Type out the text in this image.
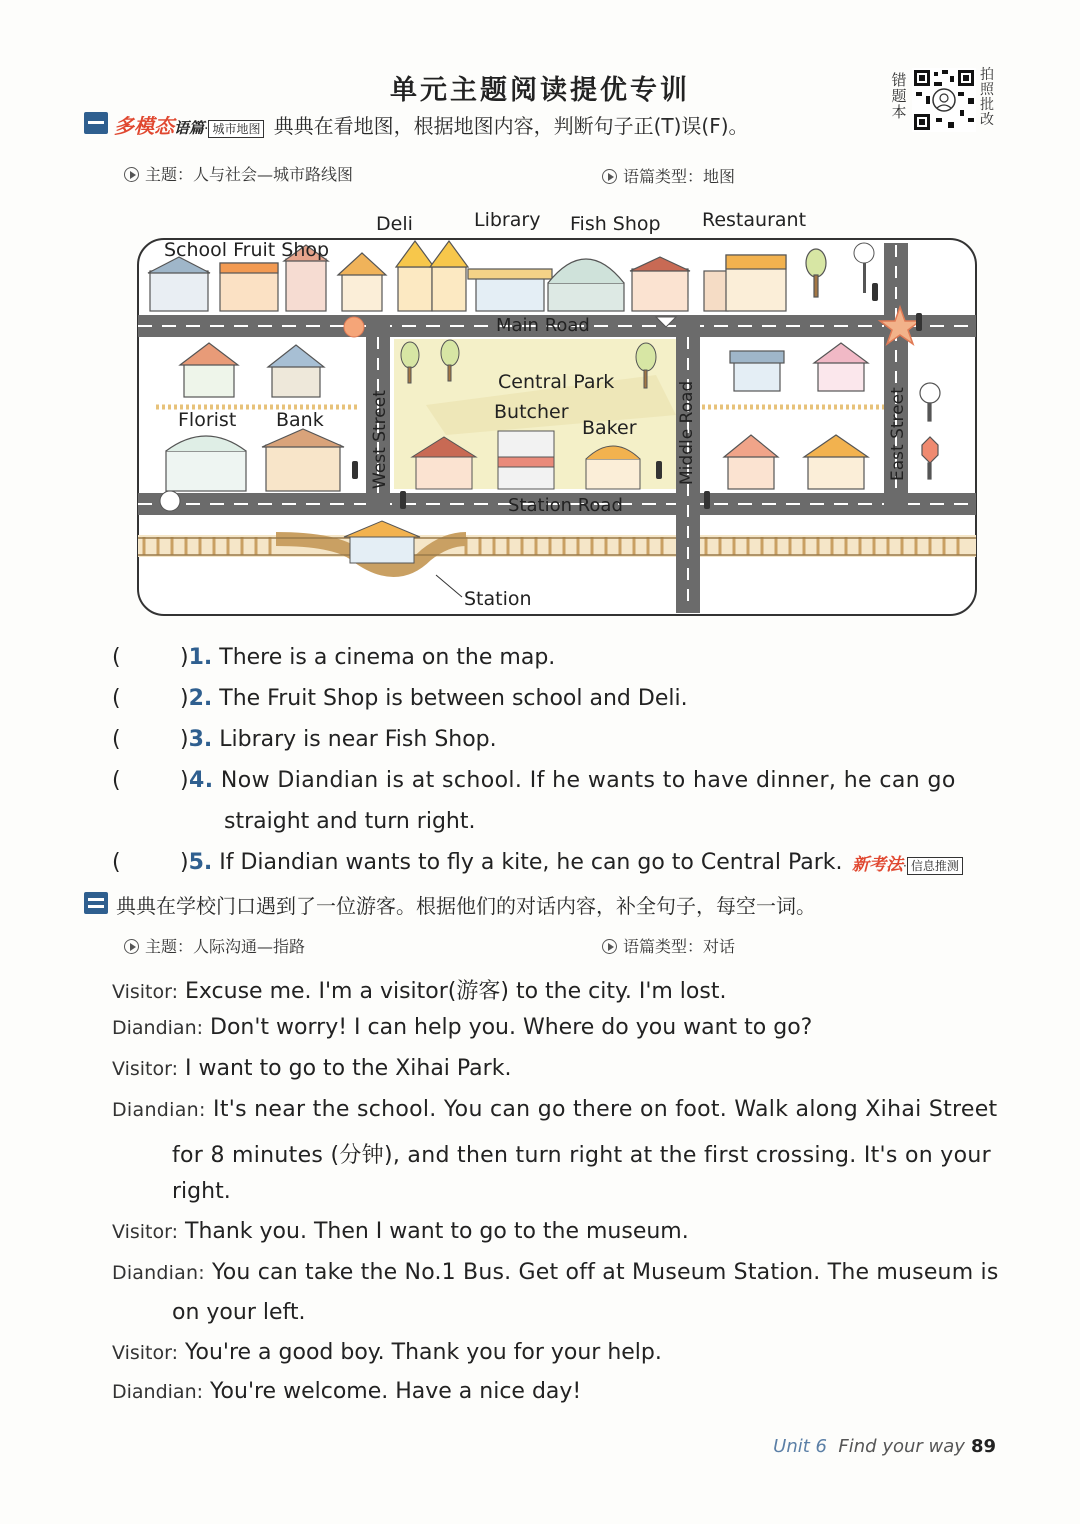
单元主题阅读提优专训	错题本
拍照批改
多模态语篇· 城市地图 典典在看地图，根据地图内容，判断句子正(T)误(F)。
主题：人与社会—城市路线图	语篇类型：地图
School Fruit Shop
Deli	Library Fish Shop Restaurant
Main Road
Central Park
Butcher
Baker
Florist Bank	West Street	Middle Road	East Street
Station Road
Station
(	)1. There is a cinema on the map.
(	)2. The Fruit Shop is between school and Deli.
(	)3. Library is near Fish Shop.
(	)4. Now Diandian is at school. If he wants to have dinner, he can go
straight and turn right.
(	)5. If Diandian wants to fly a kite, he can go to Central Park. 新考法· 信息推测
典典在学校门口遇到了一位游客。根据他们的对话内容，补全句子，每空一词。
主题：人际沟通—指路	语篇类型：对话
Visitor: Excuse me. I'm a visitor(游客) to the city. I'm lost.
Diandian: Don't worry! I can help you. Where do you want to go?
Visitor: I want to go to the Xihai Park.
Diandian: It's near the school. You can go there on foot. Walk along Xihai Street
for 8 minutes (分钟), and then turn right at the first crossing. It's on your
right.
Visitor: Thank you. Then I want to go to the museum.
Diandian: You can take the No.1 Bus. Get off at Museum Station. The museum is
on your left.
Visitor: You're a good boy. Thank you for your help.
Diandian: You're welcome. Have a nice day!
Unit 6 Find your way 89
